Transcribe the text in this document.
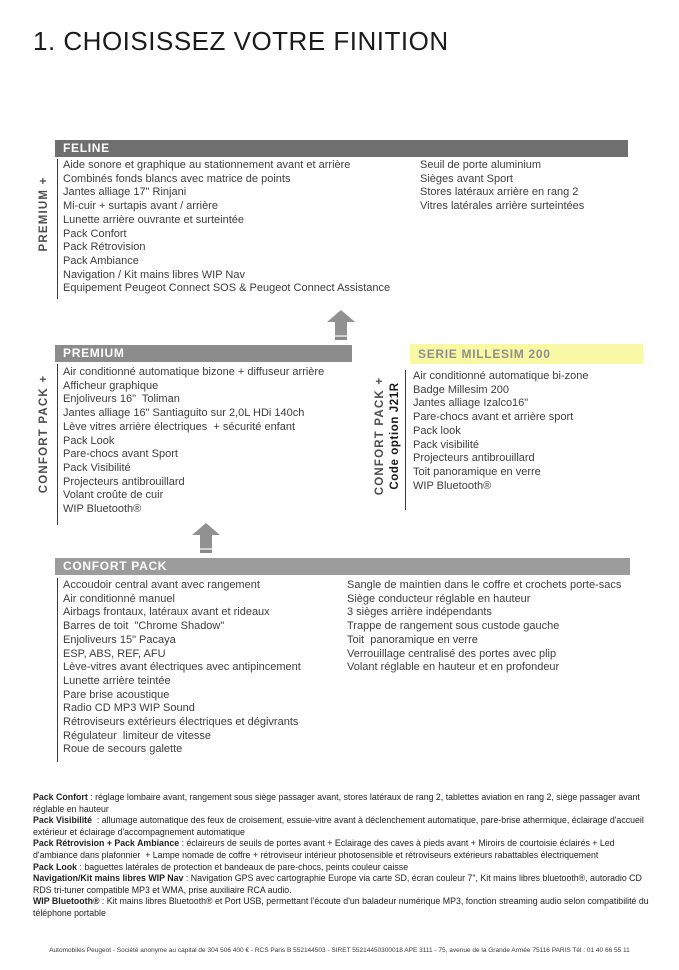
1. CHOISISSEZ VOTRE FINITION
FELINE
PREMIUM +
Aide sonore et graphique au stationnement avant et arrière
Combinés fonds blancs avec matrice de points
Jantes alliage 17" Rinjani
Mi-cuir + surtapis avant / arrière
Lunette arrière ouvrante et surteintée
Pack Confort
Pack Rétrovision
Pack Ambiance
Navigation / Kit mains libres WIP Nav
Equipement Peugeot Connect SOS & Peugeot Connect Assistance
Seuil de porte aluminium
Sièges avant Sport
Stores latéraux arrière en rang 2
Vitres latérales arrière surteintées
PREMIUM
CONFORT PACK +
Air conditionné automatique bizone + diffuseur arrière
Afficheur graphique
Enjoliveurs 16"  Toliman
Jantes alliage 16" Santiaguito sur 2,0L HDi 140ch
Lève vitres arrière électriques  + sécurité enfant
Pack Look
Pare-chocs avant Sport
Pack Visibilité
Projecteurs antibrouillard
Volant croûte de cuir
WIP Bluetooth®
SERIE MILLESIM 200
CONFORT PACK + Code option J21R
Air conditionné automatique bi-zone
Badge Millesim 200
Jantes alliage Izalco16"
Pare-chocs avant et arrière sport
Pack look
Pack visibilité
Projecteurs antibrouillard
Toit panoramique en verre
WIP Bluetooth®
CONFORT PACK
Accoudoir central avant avec rangement
Air conditionné manuel
Airbags frontaux, latéraux avant et rideaux
Barres de toit  "Chrome Shadow"
Enjoliveurs 15" Pacaya
ESP, ABS, REF, AFU
Lève-vitres avant électriques avec antipincement
Lunette arrière teintée
Pare brise acoustique
Radio CD MP3 WIP Sound
Rétroviseurs extérieurs électriques et dégivrants
Régulateur  limiteur de vitesse
Roue de secours galette
Sangle de maintien dans le coffre et crochets porte-sacs
Siège conducteur réglable en hauteur
3 sièges arrière indépendants
Trappe de rangement sous custode gauche
Toit  panoramique en verre
Verrouillage centralisé des portes avec plip
Volant réglable en hauteur et en profondeur

Pack Confort : réglage lombaire avant, rangement sous siège passager avant, stores latéraux de rang 2, tablettes aviation en rang 2, siège passager avant réglable en hauteur

Pack Visibilité  : allumage automatique des feux de croisement, essuie-vitre avant à déclenchement automatique, pare-brise athermique, éclairage d'accueil extérieur et éclairage d'accompagnement automatique

Pack Rétrovision + Pack Ambiance : éclaireurs de seuils de portes avant + Eclairage des caves à pieds avant + Miroirs de courtoisie éclairés + Led d'ambiance dans plafonnier  + Lampe nomade de coffre + rétroviseur intérieur photosensible et rétroviseurs extérieurs rabattables électriquement

Pack Look : baguettes latérales de protection et bandeaux de pare-chocs, peints couleur caisse

Navigation/Kit mains libres WIP Nav : Navigation GPS avec cartographie Europe via carte SD, écran couleur 7", Kit mains libres bluetooth®, autoradio CD RDS tri-tuner compatible MP3 et WMA, prise auxiliaire RCA audio.

WIP Bluetooth® : Kit mains libres Bluetooth® et Port USB, permettant l'écoute d'un baladeur numérique MP3, fonction streaming audio selon compatibilité du téléphone portable

Automobiles Peugeot - Société anonyme au capital de 304 506 400 € - RCS Paris B 552144503 - SIRET 55214450300018 APE 3111 - 75, avenue de la Grande Armée 75116 PARIS Tél : 01 40 66 55 11
